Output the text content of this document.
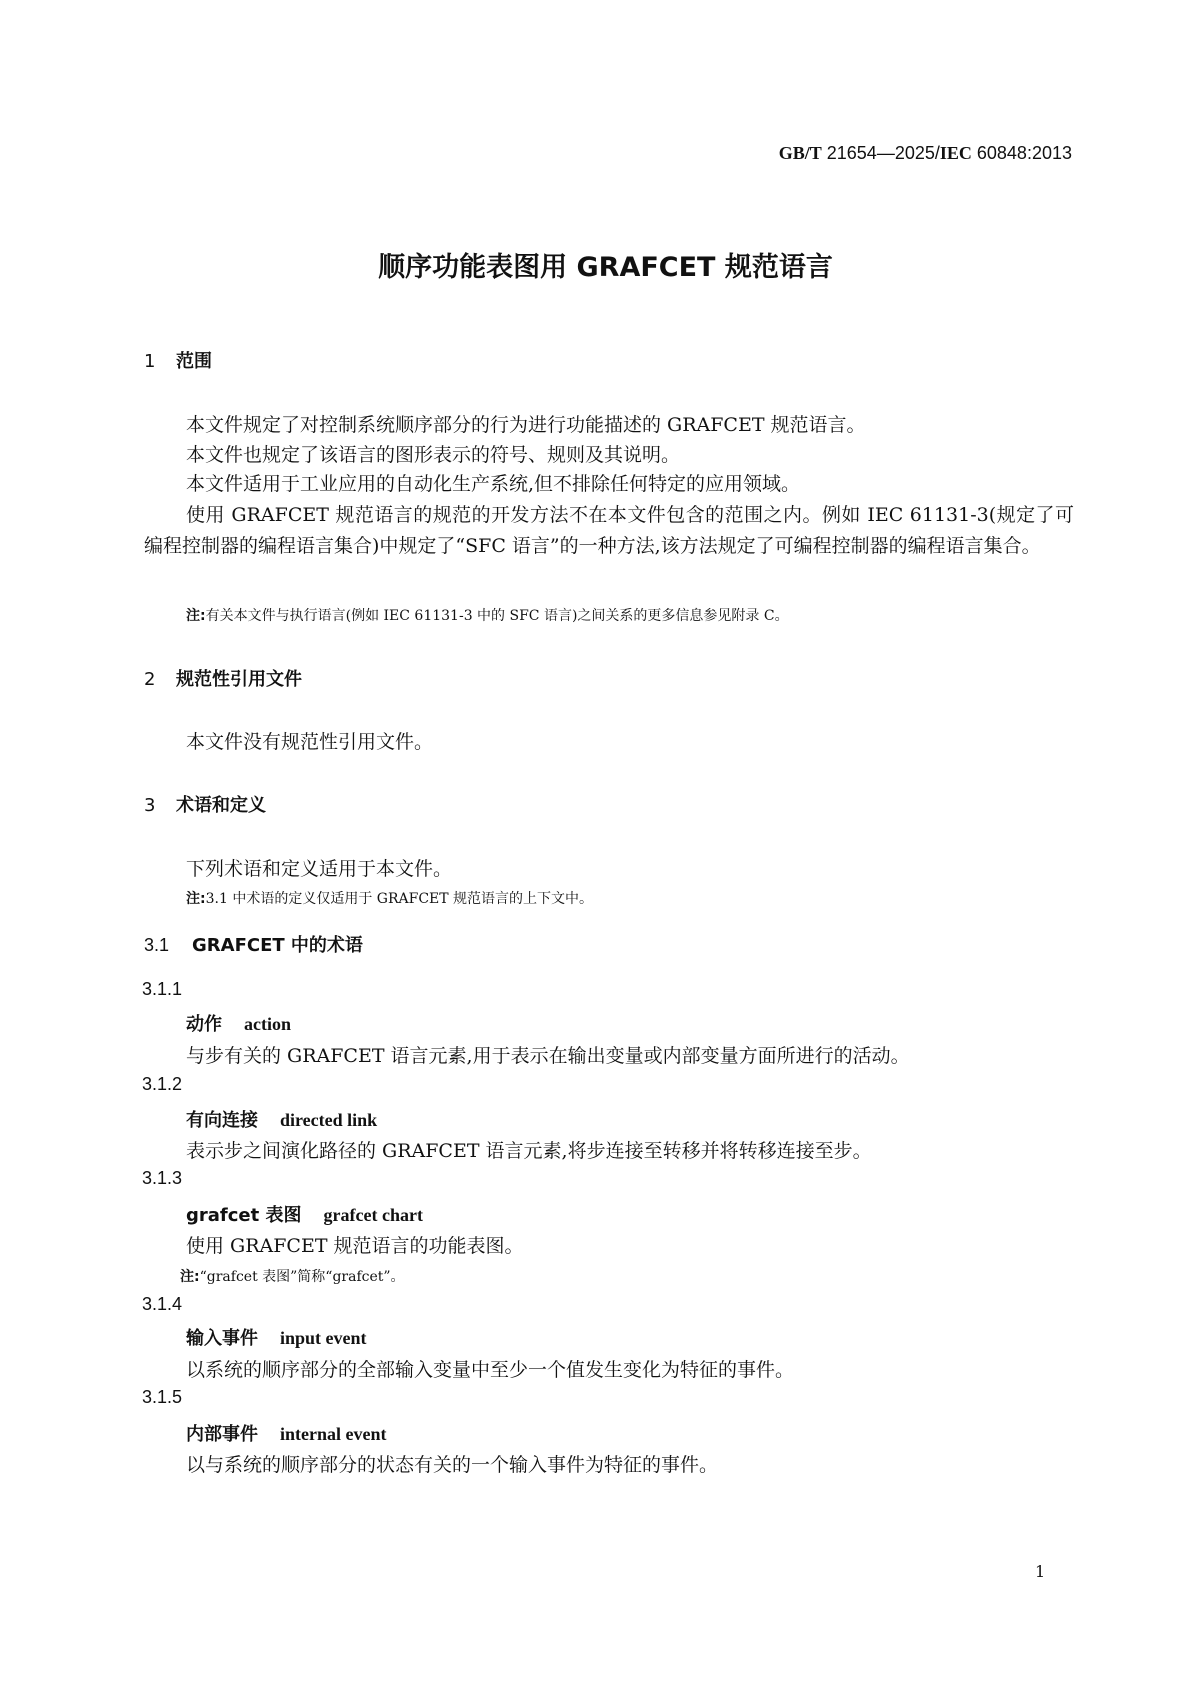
GB/T 21654—2025/IEC 60848:2013
顺序功能表图用 GRAFCET 规范语言
1 范围
本文件规定了对控制系统顺序部分的行为进行功能描述的 GRAFCET 规范语言。
本文件也规定了该语言的图形表示的符号、规则及其说明。
本文件适用于工业应用的自动化生产系统,但不排除任何特定的应用领域。
使用 GRAFCET 规范语言的规范的开发方法不在本文件包含的范围之内。例如 IEC 61131-3(规定了可编程控制器的编程语言集合)中规定了“SFC 语言”的一种方法,该方法规定了可编程控制器的编程语言集合。
注:有关本文件与执行语言(例如 IEC 61131-3 中的 SFC 语言)之间关系的更多信息参见附录 C。
2 规范性引用文件
本文件没有规范性引用文件。
3 术语和定义
下列术语和定义适用于本文件。
注:3.1 中术语的定义仅适用于 GRAFCET 规范语言的上下文中。
3.1 GRAFCET 中的术语
3.1.1
动作 action
与步有关的 GRAFCET 语言元素,用于表示在输出变量或内部变量方面所进行的活动。
3.1.2
有向连接 directed link
表示步之间演化路径的 GRAFCET 语言元素,将步连接至转移并将转移连接至步。
3.1.3
grafcet 表图 grafcet chart
使用 GRAFCET 规范语言的功能表图。
注:“grafcet 表图”简称“grafcet”。
3.1.4
输入事件 input event
以系统的顺序部分的全部输入变量中至少一个值发生变化为特征的事件。
3.1.5
内部事件 internal event
以与系统的顺序部分的状态有关的一个输入事件为特征的事件。
1
